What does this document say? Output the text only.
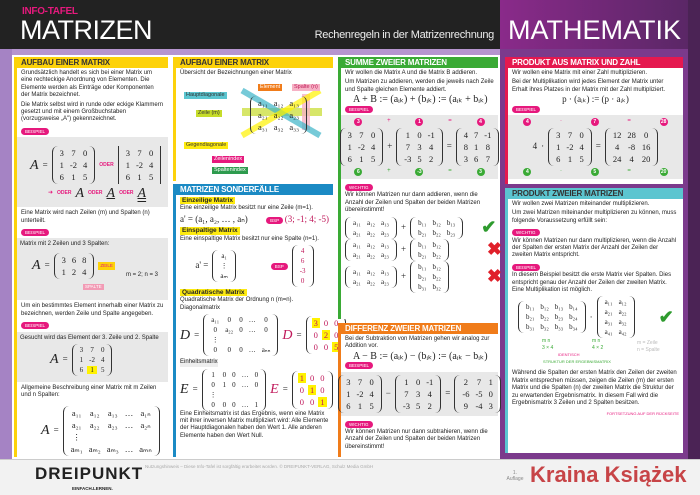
INFO-TAFEL
MATRIZEN	Rechenregeln in der Matrizenrechnung MATHEMATIK
AUFBAU EINER MATRIX

Grundsätzlich handelt es sich bei einer Matrix um eine rechteckige Anordnung von Elementen. Die Elemente werden als Einträge oder Komponenten der Matrix bezeichnet.

Die Matrix selbst wird in runde oder eckige Klammern gesetzt und mit einem Großbuchstaben (vorzugsweise „A") gekennzeichnet.

BEISPIEL
A =
3	7	0
1	-2	4
6	1	5
ODER
3	7	0
1	-2	4
6	1	5
➜ ODER A ODER A ODER A

Eine Matrix wird nach Zeilen (m) und Spalten (n) unterteilt.

BEISPIEL
Matrix mit 2 Zeilen und 3 Spalten:
A =
3	6	8
1	2	4
ZEILE
SPALTE
m = 2; n = 3

Um ein bestimmtes Element innerhalb einer Matrix zu bezeichnen, werden Zeile und Spalte angegeben.

BEISPIEL
Gesucht wird das Element der 3. Zeile und 2. Spalte
A =
3	7	0
1	-2	4
6	1	5

Allgemeine Beschreibung einer Matrix mit m Zeilen und n Spalten:

A =
a₁₁	a₁₂	a₁₃	…	a₁ₙ
a₂₁	a₂₂	a₂₃	…	a₂ₙ
⋮				
aₘ₁	aₘ₂	aₘ₃	…	aₘₙ
AUFBAU EINER MATRIX

Übersicht der Bezeichnungen einer Matrix

a₁₁	a₁₂	a₁₃
a₂₁	a₂₂	a₂₃
a₃₁	a₃₂	a₃₃
Hauptdiagonale
Element	Spalte (n)
Zeile (m)
Gegendiagonale
Zeilenindex
Spaltenindex
MATRIZEN SONDERFÄLLE
Einzeilige Matrix

Eine einzeilige Matrix besitzt nur eine Zeile (m=1).

a' = (a₁, a₂, … , aₙ)	BSP (3; -1; 4; -5)
Einspaltige Matrix

Eine einspaltige Matrix besitzt nur eine Spalte (n=1).

a' =
a₁
⋮
aₘ
BSP
4
6
-3
0
Quadratische Matrix

Quadratische Matrix der Ordnung n (m=n).

Diagonalmatrix

D =
a₁₁	0	0	…	0
0	a₂₂	0	…	0
⋮				
0	0	0	…	aₙₙ
D =
3	0	0
0	2	0
0	0	5

Einheitsmatrix

E =
1	0	0	…	0
0	1	0	…	0
⋮				
0	0	0	…	1
E =
1	0	0
0	1	0
0	0	1

Eine Einheitsmatrix ist das Ergebnis, wenn eine Matrix mit ihrer inversen Matrix multipliziert wird: Alle Elemente der Hauptdiagonalen haben den Wert 1. Alle anderen Elemente haben den Wert Null.

SUMME ZWEIER MATRIZEN

Wir wollen die Matrix A und die Matrix B addieren.

Um Matrizen zu addieren, werden die jeweils nach Zeile und Spalte gleichen Elemente addiert.

A + B := (aᵢₖ) + (bᵢₖ) := (aᵢₖ + bᵢₖ)
BEISPIEL
3	+	1	=	4
3	7	0
1	-2	4
6	1	5
+
1	0	-1
7	3	4
-3	5	2
=
4	7	-1
8	1	8
3	6	7
6	+	-3	=	3
WICHTIG

Wir können Matrizen nur dann addieren, wenn die Anzahl der Zeilen und Spalten der beiden Matrizen übereinstimmt!

a₁₁	a₁₂	a₁₃
a₂₁	a₂₂	a₂₃
+ b₁₁	b₁₂	b₁₃
b₂₁	b₂₂	b₂₃ ✔
a₁₁	a₁₂	a₁₃
a₂₁	a₂₂	a₂₃
+ b₁₁	b₁₂
b₂₁	b₂₂	✖
a₁₁	a₁₂	a₁₃
a₂₁	a₂₂	a₂₃
+
b₁₁	b₁₂
b₂₁	b₂₂
b₃₁	b₃₂
✖
DIFFERENZ ZWEIER MATRIZEN

Bei der Subtraktion von Matrizen gehen wir analog zur Addition vor.

A − B := (aᵢₖ) − (bᵢₖ) := (aᵢₖ − bᵢₖ)
BEISPIEL
3	7	0
1	-2	4
6	1	5
−
1	0	-1
7	3	4
-3	5	2
=
2	7	1
-6	-5	0
9	-4	3
WICHTIG

Wir können Matrizen nur dann subtrahieren, wenn die Anzahl der Zeilen und Spalten der beiden Matrizen übereinstimmt!

PRODUKT AUS MATRIX UND ZAHL

Wir wollen eine Matrix mit einer Zahl multiplizieren.

Bei der Multiplikation wird jedes Element der Matrix unter Erhalt ihres Platzes in der Matrix mit der Zahl multipliziert.

p · (aᵢₖ) := (p · aᵢₖ)
BEISPIEL
4	·	7	=	28
4 ·
3	7	0
1	-2	4
6	1	5
=
12	28	0
4	-8	16
24	4	20
4	·	5	=	20
PRODUKT ZWEIER MATRIZEN

Wir wollen zwei Matrizen miteinander multiplizieren.

Um zwei Matrizen miteinander multiplizieren zu können, muss folgende Voraussetzung erfüllt sein:

WICHTIG

Wir können Matrizen nur dann multiplizieren, wenn die Anzahl der Spalten der ersten Matrix der Anzahl der Zeilen der zweiten Matrix entspricht.

BEISPIEL

In diesem Beispiel besitzt die erste Matrix vier Spalten. Dies entspricht genau der Anzahl der Zeilen der zweiten Matrix. Eine Multiplikation ist möglich.

b₁₁	b₁₂	b₁₃	b₁₄
b₂₁	b₂₂	b₂₃	b₂₄
b₃₁	b₃₂	b₃₃	b₃₄
·
a₁₁	a₁₂
a₂₁	a₂₂
a₃₁	a₃₂
a₄₁	a₄₂
✔
m n
3 × 4
m n
4 × 2
IDENTISCH
STRUKTUR DER ERGEBNISMATRIX
m = Zeile
n = Spalte

Während die Spalten der ersten Matrix den Zeilen der zweiten Matrix entsprechen müssen, zeigen die Zeilen (m) der ersten Matrix und die Spalten (n) der zweiten Matrix die Struktur der zu erwartenden Ergebnismatrix. In diesem Fall wird die Ergebnismatrix 3 Zeilen und 2 Spalten besitzen.

FORTSETZUNG AUF DER RÜCKSEITE
DREIPUNKT
EINFACH.LERNEN.
Nutzungshinweis – Diese Info-Tafel ist sorgfältig erarbeitet worden. © DREIPUNKT-VERLAG, Schulz Media GmbH
1. Auflage Kraina Książek
